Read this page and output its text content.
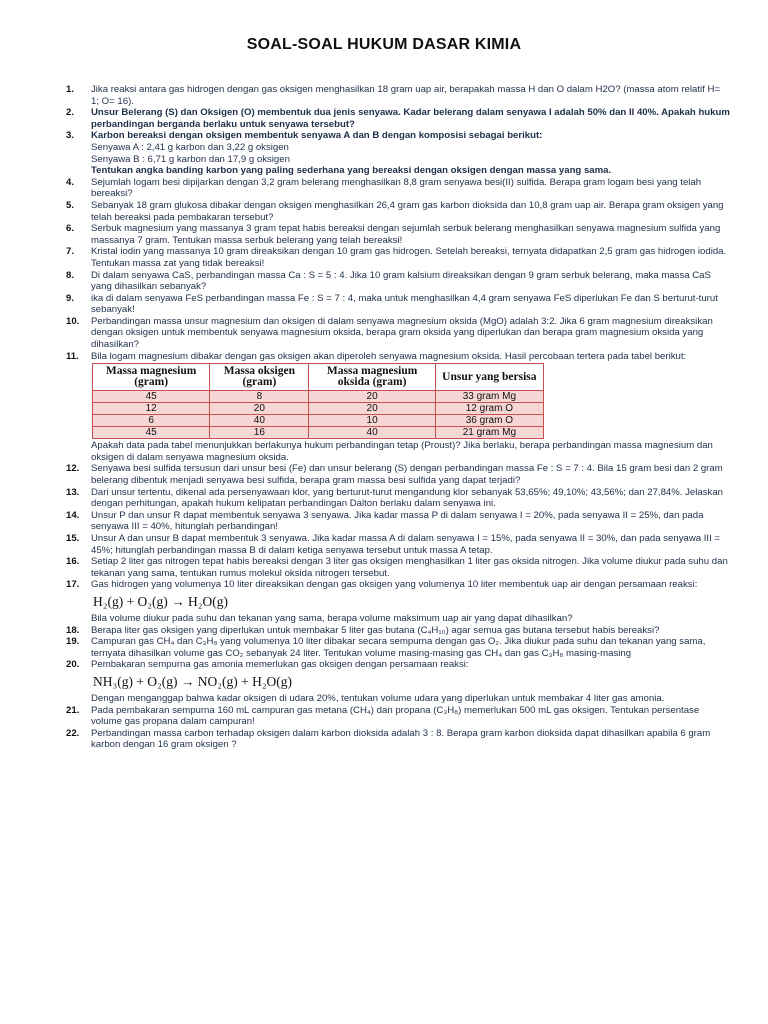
SOAL-SOAL HUKUM DASAR KIMIA
1. Jika reaksi antara gas hidrogen dengan gas oksigen menghasilkan 18 gram uap air, berapakah massa H dan O dalam H2O? (massa atom relatif H= 1; O= 16).
2. Unsur Belerang (S) dan Oksigen (O) membentuk dua jenis senyawa. Kadar belerang dalam senyawa I adalah 50% dan II 40%. Apakah hukum perbandingan berganda berlaku untuk senyawa tersebut?
3. Karbon bereaksi dengan oksigen membentuk senyawa A dan B dengan komposisi sebagai berikut:
Senyawa A : 2,41 g karbon dan 3,22 g oksigen
Senyawa B : 6,71 g karbon dan 17,9 g oksigen
Tentukan angka banding karbon yang paling sederhana yang bereaksi dengan oksigen dengan massa yang sama.
4. Sejumlah logam besi dipijarkan dengan 3,2 gram belerang menghasilkan 8,8 gram senyawa besi(II) sulfida. Berapa gram logam besi yang telah bereaksi?
5. Sebanyak 18 gram glukosa dibakar dengan oksigen menghasilkan 26,4 gram gas karbon dioksida dan 10,8 gram uap air. Berapa gram oksigen yang telah bereaksi pada pembakaran tersebut?
6. Serbuk magnesium yang massanya 3 gram tepat habis bereaksi dengan sejumlah serbuk belerang menghasilkan senyawa magnesium sulfida yang massanya 7 gram. Tentukan massa serbuk belerang yang telah bereaksi!
7. Kristal iodin yang massanya 10 gram direaksikan dengan 10 gram gas hidrogen. Setelah bereaksi, ternyata didapatkan 2,5 gram gas hidrogen iodida. Tentukan massa zat yang tidak bereaksi!
8. Di dalam senyawa CaS, perbandingan massa Ca : S = 5 : 4. Jika 10 gram kalsium direaksikan dengan 9 gram serbuk belerang, maka massa CaS yang dihasilkan sebanyak?
9. ika di dalam senyawa FeS perbandingan massa Fe : S = 7 : 4, maka untuk menghasilkan 4,4 gram senyawa FeS diperlukan Fe dan S berturut-turut sebanyak!
10. Perbandingan massa unsur magnesium dan oksigen di dalam senyawa magnesium oksida (MgO) adalah 3:2. Jika 6 gram magnesium direaksikan dengan oksigen untuk membentuk senyawa magnesium oksida, berapa gram oksida yang diperlukan dan berapa gram magnesium oksida yang dihasilkan?
11. Bila logam magnesium dibakar dengan gas oksigen akan diperoleh senyawa magnesium oksida. Hasil percobaan tertera pada tabel berikut:
Massa magnesium (gram)	Massa oksigen (gram)	Massa magnesium oksida (gram)	Unsur yang bersisa
45	8	20	33 gram Mg
12	20	20	12 gram O
6	40	10	36 gram O
45	16	40	21 gram Mg
Apakah data pada tabel menunjukkan berlakunya hukum perbandingan tetap (Proust)? Jika berlaku, berapa perbandingan massa magnesium dan oksigen di dalam senyawa magnesium oksida.
12. Senyawa besi sulfida tersusun dari unsur besi (Fe) dan unsur belerang (S) dengan perbandingan massa Fe : S = 7 : 4. Bila 15 gram besi dan 2 gram belerang dibentuk menjadi senyawa besi sulfida, berapa gram massa besi sulfida yang dapat terjadi?
13. Dari unsur tertentu, dikenal ada persenyawaan klor, yang berturut-turut mengandung klor sebanyak 53,65%; 49,10%; 43,56%; dan 27,84%. Jelaskan dengan perhitungan, apakah hukum kelipatan perbandingan Dalton berlaku dalam senyawa ini.
14. Unsur P dan unsur R dapat membentuk senyawa 3 senyawa. Jika kadar massa P di dalam senyawa I = 20%, pada senyawa II = 25%, dan pada senyawa III = 40%, hitunglah perbandingan!
15. Unsur A dan unsur B dapat membentuk 3 senyawa. Jika kadar massa A di dalam senyawa I = 15%, pada senyawa II = 30%, dan pada senyawa III = 45%; hitunglah perbandingan massa B di dalam ketiga senyawa tersebut untuk massa A tetap.
16. Setiap 2 liter gas nitrogen tepat habis bereaksi dengan 3 liter gas oksigen menghasilkan 1 liter gas oksida nitrogen. Jika volume diukur pada suhu dan tekanan yang sama, tentukan rumus molekul oksida nitrogen tersebut.
17. Gas hidrogen yang volumenya 10 liter direaksikan dengan gas oksigen yang volumenya 10 liter membentuk uap air dengan persamaan reaksi:
H₂(g) + O₂(g) → H₂O(g)
Bila volume diukur pada suhu dan tekanan yang sama, berapa volume maksimum uap air yang dapat dihasilkan?
18. Berapa liter gas oksigen yang diperlukan untuk membakar 5 liter gas butana (C₄H₁₀) agar semua gas butana tersebut habis bereaksi?
19. Campuran gas CH₄ dan C₃H₈ yang volumenya 10 liter dibakar secara sempurna dengan gas O₂. Jika diukur pada suhu dan tekanan yang sama, ternyata dihasilkan volume gas CO₂ sebanyak 24 liter. Tentukan volume masing-masing gas CH₄ dan gas C₃H₈ masing-masing
20. Pembakaran sempurna gas amonia memerlukan gas oksigen dengan persamaan reaksi:
NH₃(g) + O₂(g) → NO₂(g) + H₂O(g)
Dengan menganggap bahwa kadar oksigen di udara 20%, tentukan volume udara yang diperlukan untuk membakar 4 liter gas amonia.
21. Pada pembakaran sempurna 160 mL campuran gas metana (CH₄) dan propana (C₃H₈) memerlukan 500 mL gas oksigen. Tentukan persentase volume gas propana dalam campuran!
22. Perbandingan massa carbon terhadap oksigen dalam karbon dioksida adalah 3 : 8. Berapa gram karbon dioksida dapat dihasilkan apabila 6 gram karbon dengan 16 gram oksigen ?
